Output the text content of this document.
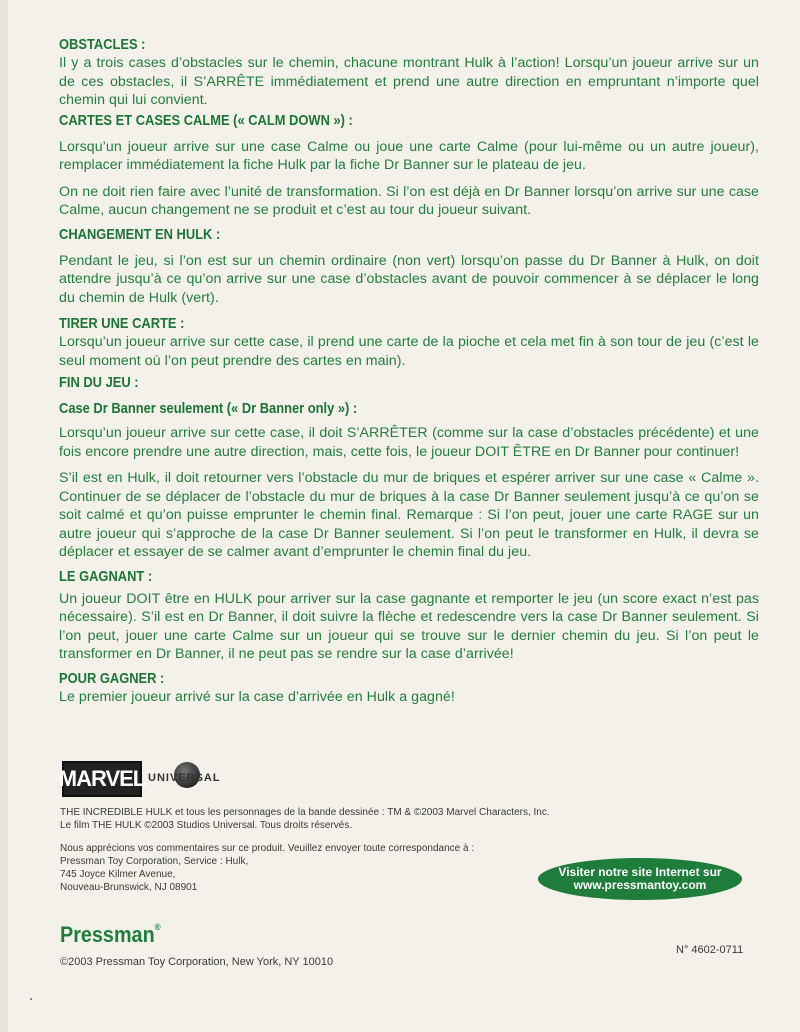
OBSTACLES :
Il y a trois cases d’obstacles sur le chemin, chacune montrant Hulk à l’action! Lorsqu’un joueur arrive sur un de ces obstacles, il S’ARRÊTE immédiatement et prend une autre direction en empruntant n’importe quel chemin qui lui convient.
CARTES ET CASES CALME (« CALM DOWN ») :
Lorsqu’un joueur arrive sur une case Calme ou joue une carte Calme (pour lui-même ou un autre joueur), remplacer immédiatement la fiche Hulk par la fiche Dr Banner sur le plateau de jeu.
On ne doit rien faire avec l’unité de transformation. Si l’on est déjà en Dr Banner lorsqu’on arrive sur une case Calme, aucun changement ne se produit et c’est au tour du joueur suivant.
CHANGEMENT EN HULK :
Pendant le jeu, si l’on est sur un chemin ordinaire (non vert) lorsqu’on passe du Dr Banner à Hulk, on doit attendre jusqu’à ce qu’on arrive sur une case d’obstacles avant de pouvoir commencer à se déplacer le long du chemin de Hulk (vert).
TIRER UNE CARTE :
Lorsqu’un joueur arrive sur cette case, il prend une carte de la pioche et cela met fin à son tour de jeu (c’est le seul moment où l’on peut prendre des cartes en main).
FIN DU JEU :
Case Dr Banner seulement (« Dr Banner only ») :
Lorsqu’un joueur arrive sur cette case, il doit S’ARRÊTER (comme sur la case d’obstacles précédente) et une fois encore prendre une autre direction, mais, cette fois, le joueur DOIT ÊTRE en Dr Banner pour continuer!
S’il est en Hulk, il doit retourner vers l’obstacle du mur de briques et espérer arriver sur une case « Calme ». Continuer de se déplacer de l’obstacle du mur de briques à la case Dr Banner seulement jusqu’à ce qu’on se soit calmé et qu’on puisse emprunter le chemin final. Remarque : Si l’on peut, jouer une carte RAGE sur un autre joueur qui s’approche de la case Dr Banner seulement. Si l’on peut le transformer en Hulk, il devra se déplacer et essayer de se calmer avant d’emprunter le chemin final du jeu.
LE GAGNANT :
Un joueur DOIT être en HULK pour arriver sur la case gagnante et remporter le jeu (un score exact n’est pas nécessaire). S’il est en Dr Banner, il doit suivre la flèche et redescendre vers la case Dr Banner seulement. Si l’on peut, jouer une carte Calme sur un joueur qui se trouve sur le dernier chemin du jeu. Si l’on peut le transformer en Dr Banner, il ne peut pas se rendre sur la case d’arrivée!
POUR GAGNER :
Le premier joueur arrivé sur la case d’arrivée en Hulk a gagné!
MARVEL UNIVERSAL
THE INCREDIBLE HULK et tous les personnages de la bande dessinée : TM & ©2003 Marvel Characters, Inc.
Le film THE HULK ©2003 Studios Universal. Tous droits réservés.
Nous apprécions vos commentaires sur ce produit. Veuillez envoyer toute correspondance à :
Pressman Toy Corporation, Service : Hulk,
745 Joyce Kilmer Avenue,
Nouveau-Brunswick, NJ 08901
Visiter notre site Internet sur
www.pressmantoy.com
Pressman®
©2003 Pressman Toy Corporation, New York, NY 10010
N° 4602-0711
